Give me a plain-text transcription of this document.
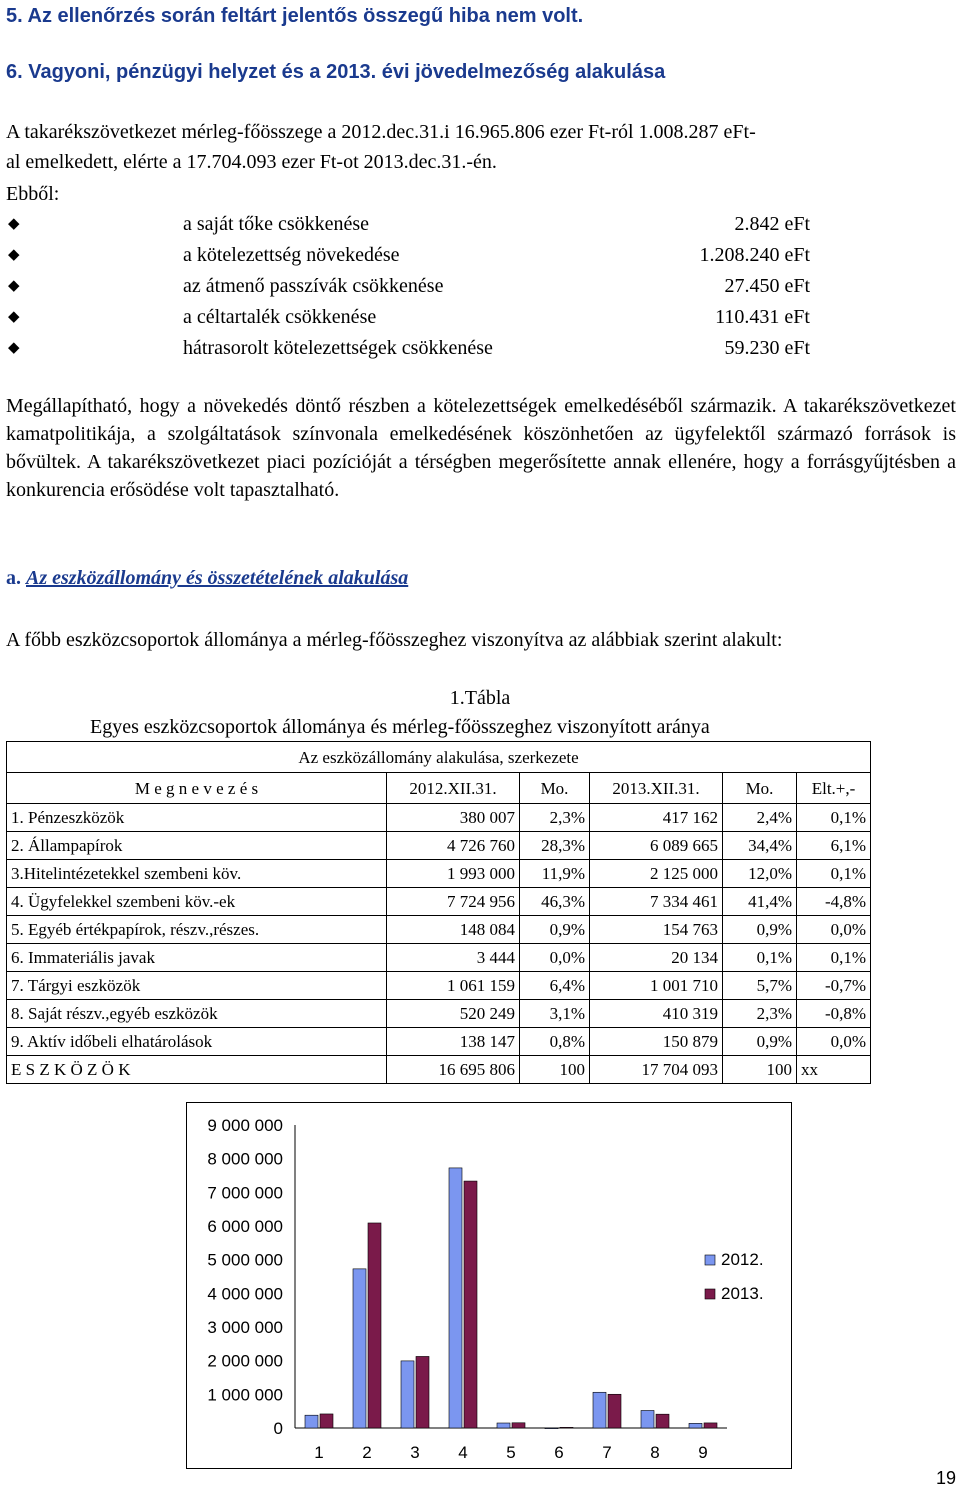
5. Az ellenőrzés során feltárt jelentős összegű hiba nem volt.
6. Vagyoni, pénzügyi helyzet és a 2013. évi jövedelmezőség alakulása
A takarékszövetkezet mérleg-főösszege a 2012.dec.31.i 16.965.806 ezer Ft-ról 1.008.287 eFt-
al emelkedett, elérte a 17.704.093 ezer Ft-ot 2013.dec.31.-én.
Ebből:
◆	a saját tőke csökkenése	2.842 eFt
◆	a kötelezettség növekedése	1.208.240 eFt
◆	az átmenő passzívák csökkenése	27.450 eFt
◆	a céltartalék csökkenése	110.431 eFt
◆	hátrasorolt kötelezettségek csökkenése	59.230 eFt
Megállapítható, hogy a növekedés döntő részben a kötelezettségek emelkedéséből származik. A takarékszövetkezet kamatpolitikája, a szolgáltatások színvonala emelkedésének köszönhetően az ügyfelektől származó források is bővültek. A takarékszövetkezet piaci pozícióját a térségben megerősítette annak ellenére, hogy a forrásgyűjtésben a konkurencia erősödése volt tapasztalható.
a. Az eszközállomány és összetételének alakulása
A főbb eszközcsoportok állománya a mérleg-főösszeghez viszonyítva az alábbiak szerint alakult:
1.Tábla
Egyes eszközcsoportok állománya és mérleg-főösszeghez viszonyított aránya
Az eszközállomány alakulása, szerkezete					
M e g n e v e z é s	2012.XII.31.	Mo.	2013.XII.31.	Mo.	Elt.+,-
1. Pénzeszközök	380 007	2,3%	417 162	2,4%	0,1%
2. Állampapírok	4 726 760	28,3%	6 089 665	34,4%	6,1%
3.Hitelintézetekkel szembeni köv.	1 993 000	11,9%	2 125 000	12,0%	0,1%
4. Ügyfelekkel szembeni köv.-ek	7 724 956	46,3%	7 334 461	41,4%	-4,8%
5. Egyéb értékpapírok, részv.,részes.	148 084	0,9%	154 763	0,9%	0,0%
6. Immateriális javak	3 444	0,0%	20 134	0,1%	0,1%
7. Tárgyi eszközök	1 061 159	6,4%	1 001 710	5,7%	-0,7%
8. Saját részv.,egyéb eszközök	520 249	3,1%	410 319	2,3%	-0,8%
9. Aktív időbeli elhatárolások	138 147	0,8%	150 879	0,9%	0,0%
E S Z K Ö Z Ö K	16 695 806	100	17 704 093	100	xx
0
1 000 000
2 000 000
3 000 000
4 000 000
5 000 000
6 000 000
7 000 000
8 000 000
9 000 000
1 2 3 4 5 6 7 8 9
2012.
2013.
19
